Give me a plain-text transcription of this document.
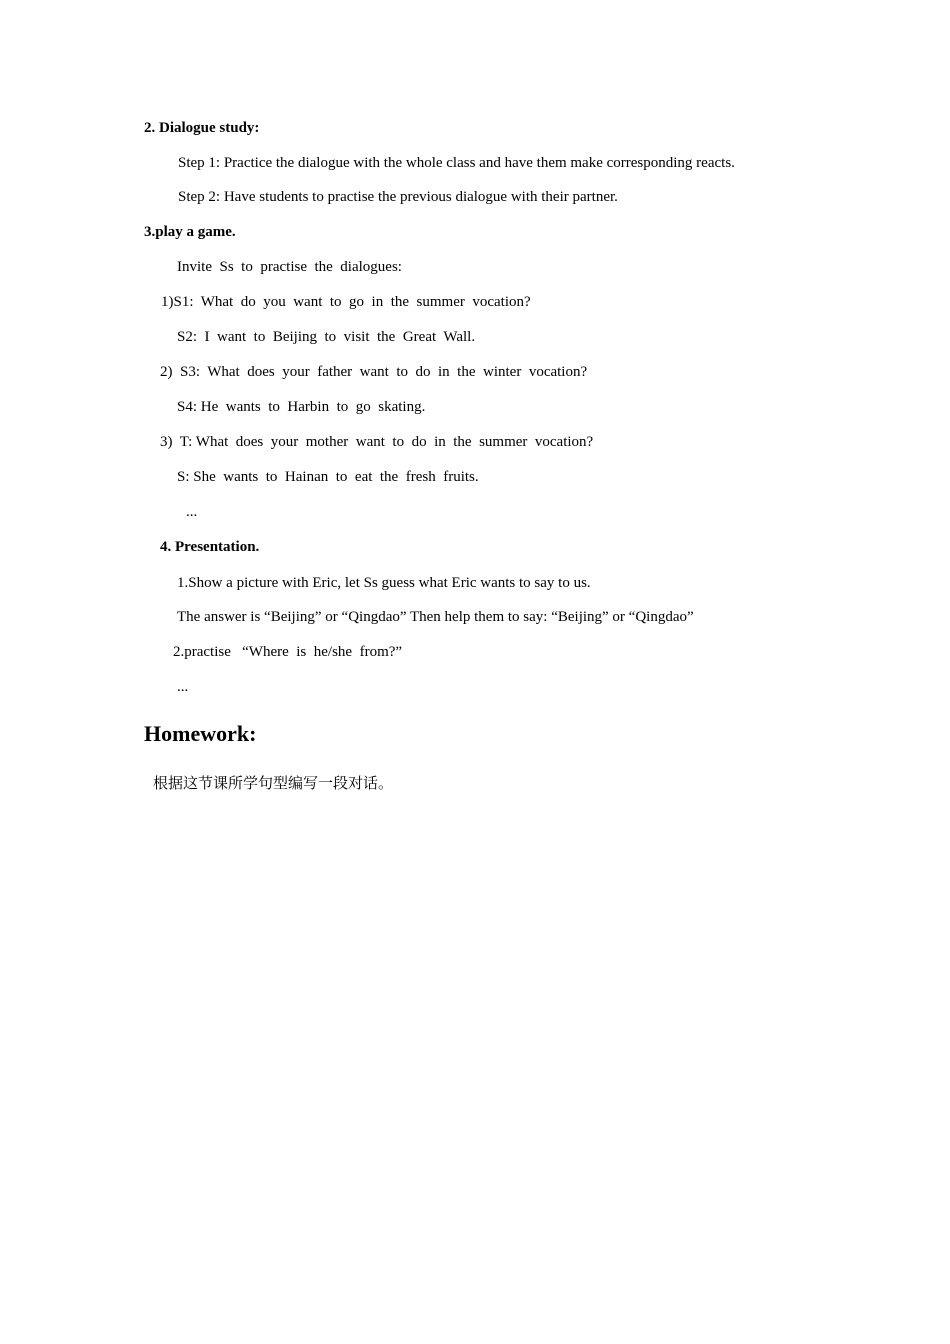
2. Dialogue study:
Step 1: Practice the dialogue with the whole class and have them make corresponding reacts.
Step 2: Have students to practise the previous dialogue with their partner.
3.play a game.
Invite  Ss  to  practise  the  dialogues:
1)S1:  What  do  you  want  to  go  in  the  summer  vocation?
S2:  I  want  to  Beijing  to  visit  the  Great  Wall.
2)  S3:  What  does  your  father  want  to  do  in  the  winter  vocation?
S4: He  wants  to  Harbin  to  go  skating.
3)  T: What  does  your  mother  want  to  do  in  the  summer  vocation?
S: She  wants  to  Hainan  to  eat  the  fresh  fruits.
...
4. Presentation.
1.Show a picture with Eric, let Ss guess what Eric wants to say to us.
The answer is “Beijing” or “Qingdao” Then help them to say: “Beijing” or “Qingdao”
2.practise   “Where  is  he/she  from?”
...
Homework:
根据这节课所学句型编写一段对话。
